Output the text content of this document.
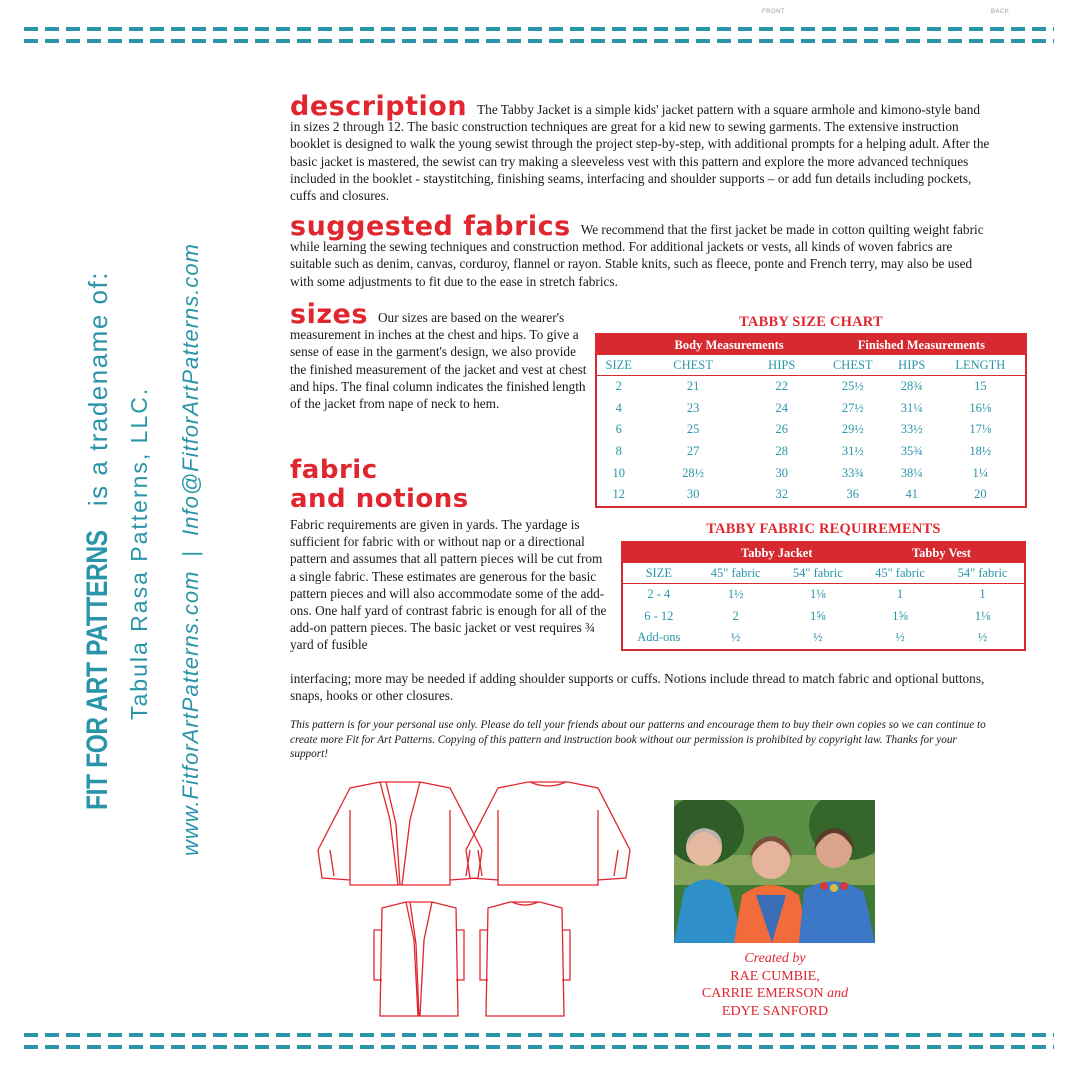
FRONT	BACK
FIT FOR ART PATTERNS is a tradename of: Tabula Rasa Patterns, LLC. www.FitforArtPatterns.com|Info@FitforArtPatterns.com
description The Tabby Jacket is a simple kids' jacket pattern with a square armhole and kimono-style band in sizes 2 through 12. The basic construction techniques are great for a kid new to sewing garments. The extensive instruction booklet is designed to walk the young sewist through the project step-by-step, with additional prompts for a helping adult. After the basic jacket is mastered, the sewist can try making a sleeveless vest with this pattern and explore the more advanced techniques included in the booklet - staystitching, finishing seams, interfacing and shoulder supports – or add fun details including pockets, cuffs and closures.
suggested fabrics We recommend that the first jacket be made in cotton quilting weight fabric while learning the sewing techniques and construction method. For additional jackets or vests, all kinds of woven fabrics are suitable such as denim, canvas, corduroy, flannel or rayon. Stable knits, such as fleece, ponte and French terry, may also be used with some adjustments to fit due to the ease in stretch fabrics.
sizes Our sizes are based on the wearer's measurement in inches at the chest and hips. To give a sense of ease in the garment's design, we also provide the finished measurement of the jacket and vest at chest and hips. The final column indicates the finished length of the jacket from nape of neck to hem.
fabric
and notions
Fabric requirements are given in yards. The yardage is sufficient for fabric with or without nap or a directional pattern and assumes that all pattern pieces will be cut from a single fabric. These estimates are generous for the basic pattern pieces and will also accommodate some of the add-ons. One half yard of contrast fabric is enough for all of the add-on pattern pieces. The basic jacket or vest requires ¾ yard of fusible
interfacing; more may be needed if adding shoulder supports or cuffs. Notions include thread to match fabric and optional buttons, snaps, hooks or other closures.
This pattern is for your personal use only. Please do tell your friends about our patterns and encourage them to buy their own copies so we can continue to create more Fit for Art Patterns. Copying of this pattern and instruction book without our permission is prohibited by copyright law. Thanks for your support!
TABBY SIZE CHART
	Body Measurements		Finished Measurements		
SIZE	CHEST	HIPS	CHEST	HIPS	LENGTH
2	21	22	25½	28¾	15
4	23	24	27½	31¼	16⅛
6	25	26	29½	33½	17⅛
8	27	28	31½	35¾	18½
10	28½	30	33¾	38¼	1¼
12	30	32	36	41	20
TABBY FABRIC REQUIREMENTS
	Tabby Jacket		Tabby Vest	
SIZE	45" fabric	54" fabric	45" fabric	54" fabric
2 - 4	1½	1⅛	1	1
6 - 12	2	1⅝	1⅝	1⅛
Add-ons	½	½	½	½
Created by
RAE CUMBIE,
CARRIE EMERSON and
EDYE SANFORD
